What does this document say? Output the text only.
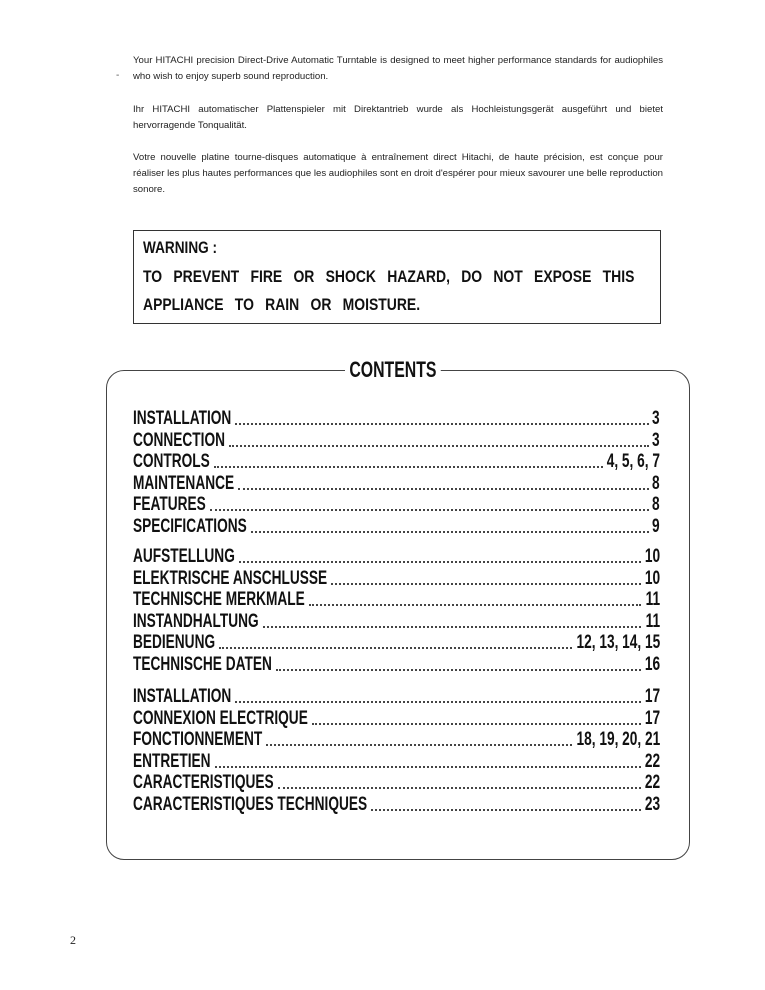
-

Your HITACHI precision Direct-Drive Automatic Turntable is designed to meet higher performance standards for audiophiles who wish to enjoy superb sound reproduction.

Ihr HITACHI automatischer Plattenspieler mit Direktantrieb wurde als Hochleistungsgerät ausgeführt und bietet hervorragende Tonqualität.

Votre nouvelle platine tourne-disques automatique à entraînement direct Hitachi, de haute précision, est conçue pour réaliser les plus hautes performances que les audiophiles sont en droit d'espérer pour mieux savourer une belle reproduction sonore.

WARNING :
TO PREVENT FIRE OR SHOCK HAZARD, DO NOT EXPOSE THIS
APPLIANCE TO RAIN OR MOISTURE.
CONTENTS
INSTALLATION	3
CONNECTION	3
CONTROLS	4, 5, 6, 7
MAINTENANCE	8
FEATURES	8
SPECIFICATIONS	9
AUFSTELLUNG	10
ELEKTRISCHE ANSCHLUSSE	10
TECHNISCHE MERKMALE	11
INSTANDHALTUNG	11
BEDIENUNG	12, 13, 14, 15
TECHNISCHE DATEN	16
INSTALLATION	17
CONNEXION ELECTRIQUE	17
FONCTIONNEMENT	18, 19, 20, 21
ENTRETIEN	22
CARACTERISTIQUES	22
CARACTERISTIQUES TECHNIQUES	23
2
